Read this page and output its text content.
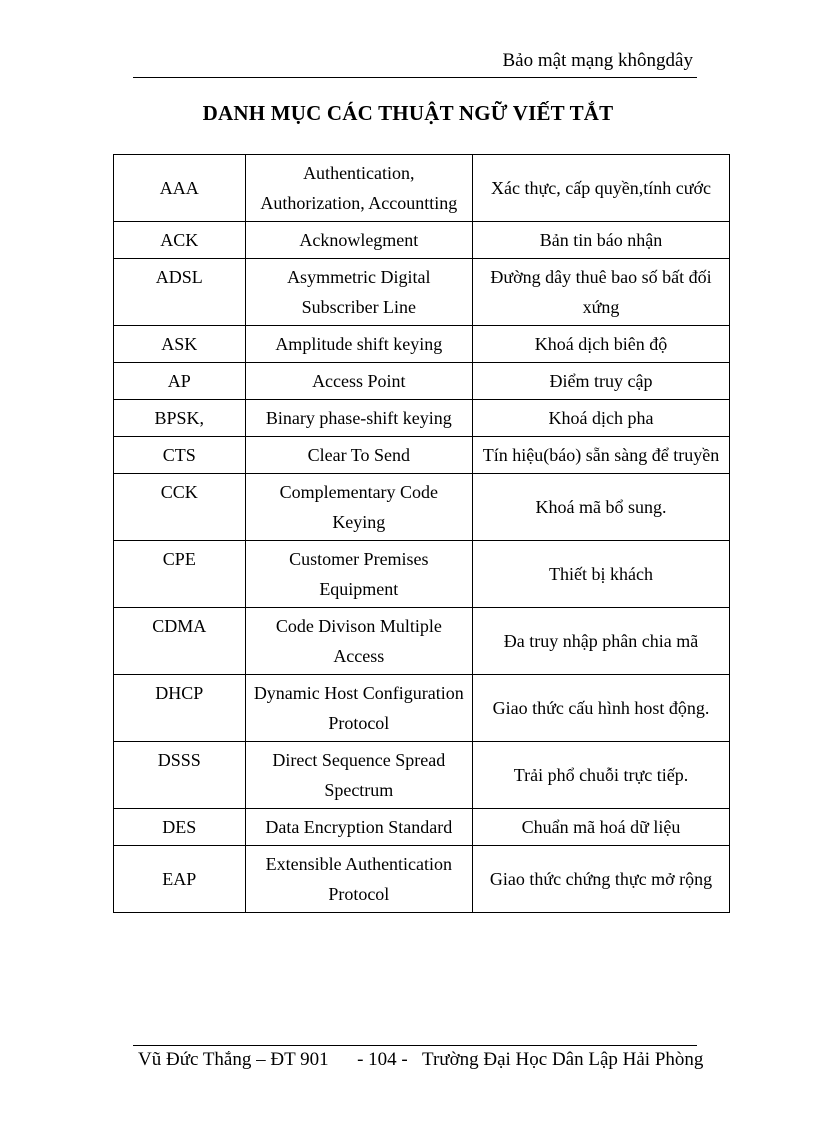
Bảo mật mạng khôngdây
DANH MỤC CÁC THUẬT NGỮ VIẾT TẮT
AAA	Authentication, Authorization, Accountting	Xác thực, cấp quyền,tính cước
ACK	Acknowlegment	Bản tin báo nhận
ADSL	Asymmetric Digital Subscriber Line	Đường dây thuê bao số bất đối xứng
ASK	Amplitude shift keying	Khoá dịch biên độ
AP	Access Point	Điểm truy cập
BPSK,	Binary phase-shift keying	Khoá dịch pha
CTS	Clear To Send	Tín hiệu(báo) sẵn sàng để truyền
CCK	Complementary Code Keying	Khoá mã bổ sung.
CPE	Customer Premises Equipment	Thiết bị khách
CDMA	Code Divison Multiple Access	Đa truy nhập phân chia mã
DHCP	Dynamic Host Configuration Protocol	Giao thức cấu hình host động.
DSSS	Direct Sequence Spread Spectrum	Trải phổ chuỗi trực tiếp.
DES	Data Encryption Standard	Chuẩn mã hoá dữ liệu
EAP	Extensible Authentication Protocol	Giao thức chứng thực mở rộng
Vũ Đức Thắng – ĐT 901 - 104 - Trường Đại Học Dân Lập Hải Phòng
